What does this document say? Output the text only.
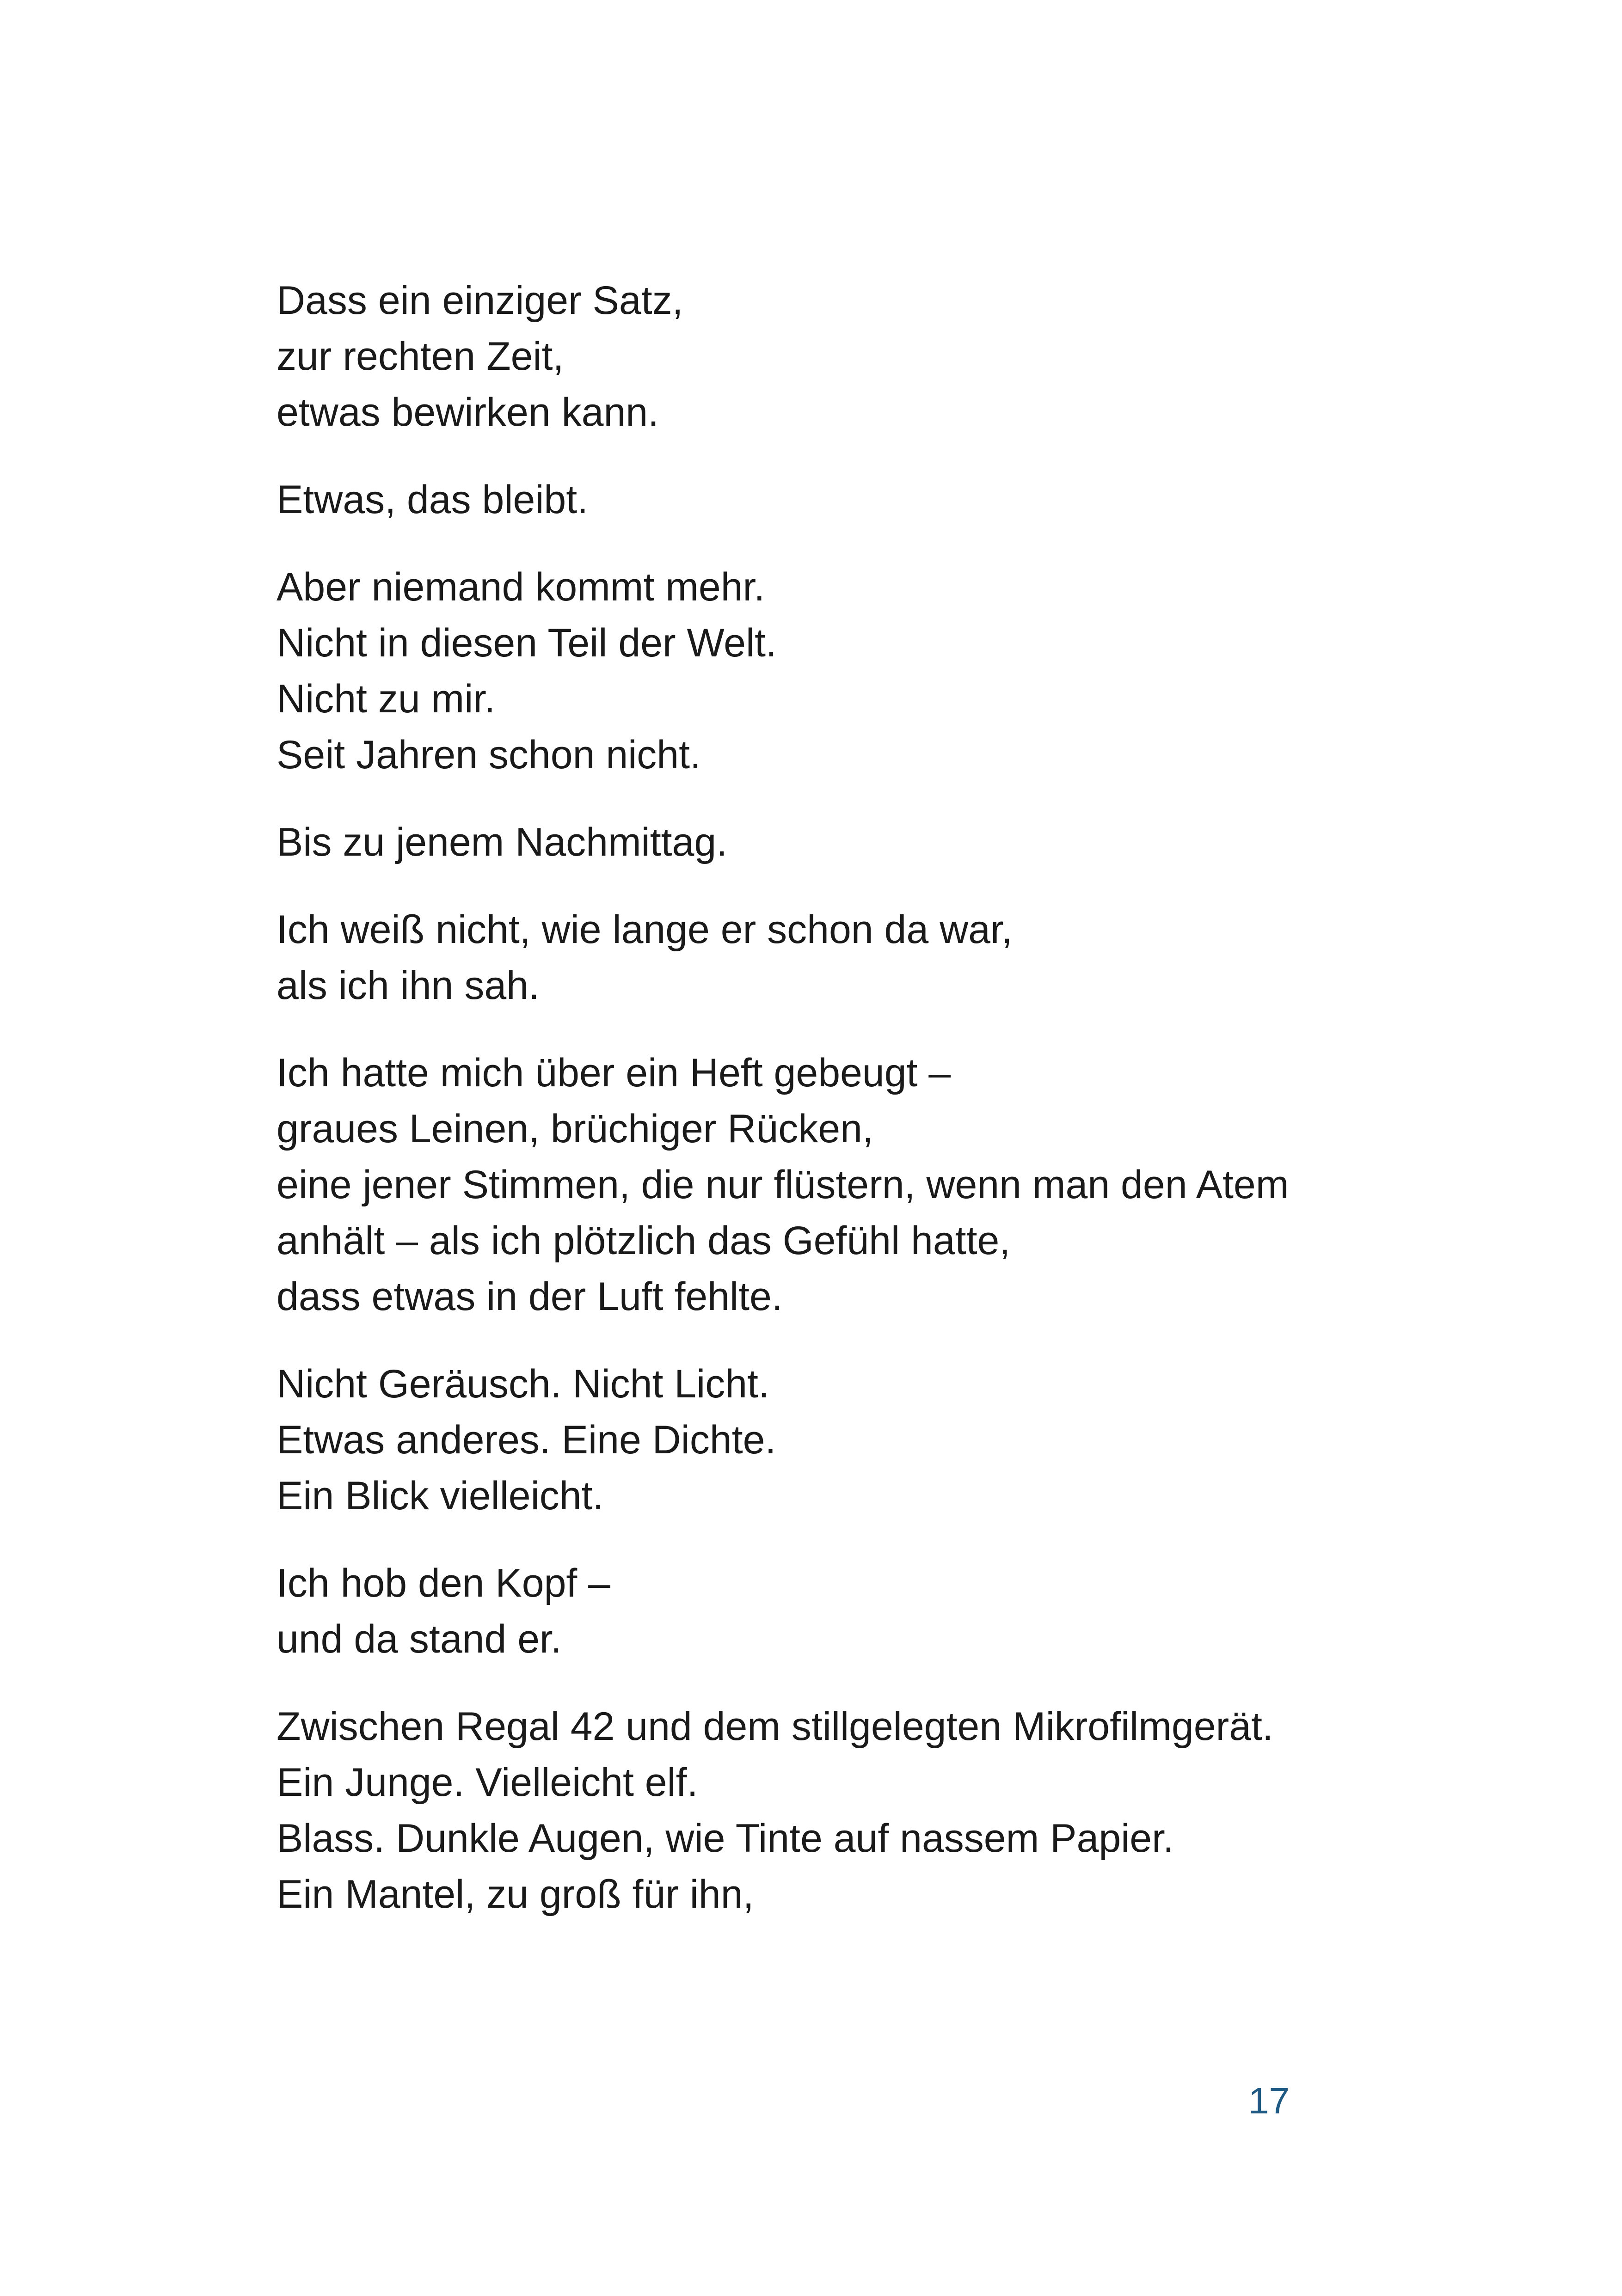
Dass ein einziger Satz,
zur rechten Zeit,
etwas bewirken kann.
Etwas, das bleibt.
Aber niemand kommt mehr.
Nicht in diesen Teil der Welt.
Nicht zu mir.
Seit Jahren schon nicht.
Bis zu jenem Nachmittag.
Ich weiß nicht, wie lange er schon da war,
als ich ihn sah.
Ich hatte mich über ein Heft gebeugt –
graues Leinen, brüchiger Rücken,
eine jener Stimmen, die nur flüstern, wenn man den Atem
anhält – als ich plötzlich das Gefühl hatte,
dass etwas in der Luft fehlte.
Nicht Geräusch. Nicht Licht.
Etwas anderes. Eine Dichte.
Ein Blick vielleicht.
Ich hob den Kopf –
und da stand er.
Zwischen Regal 42 und dem stillgelegten Mikrofilmgerät.
Ein Junge. Vielleicht elf.
Blass. Dunkle Augen, wie Tinte auf nassem Papier.
Ein Mantel, zu groß für ihn,
17
